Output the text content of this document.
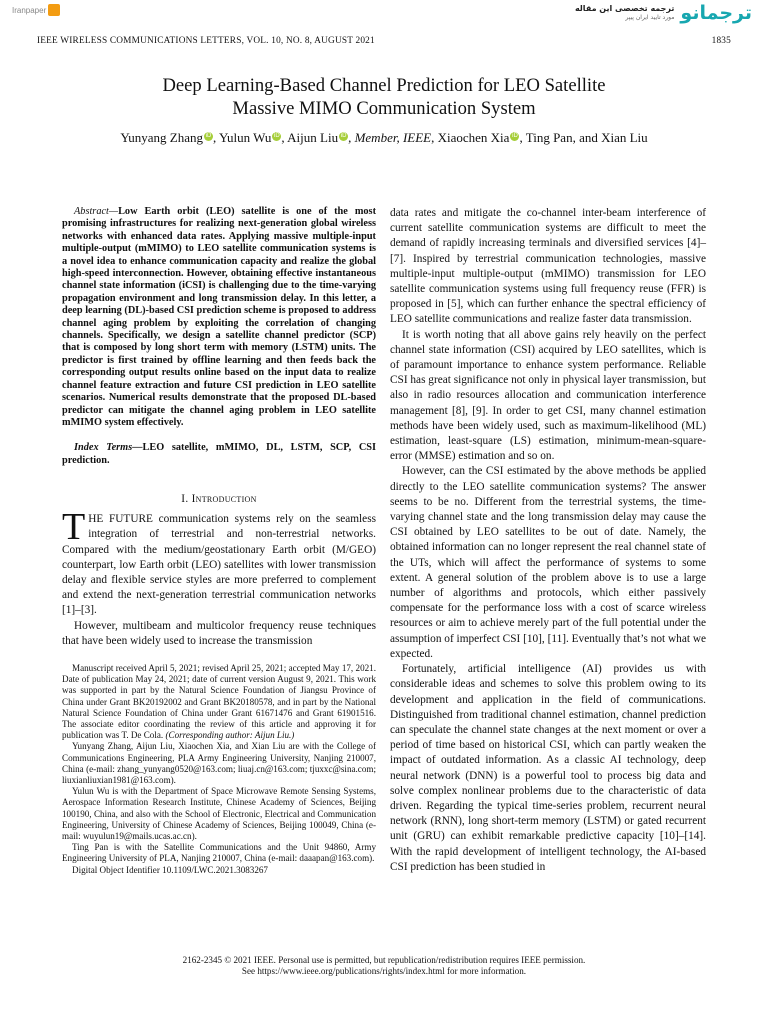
Iranpaper	ترجمه تخصصی این مقاله
مورد تایید ایران پیپر ترجمانو
IEEE WIRELESS COMMUNICATIONS LETTERS, VOL. 10, NO. 8, AUGUST 2021	1835
Deep Learning-Based Channel Prediction for LEO Satellite
Massive MIMO Communication System
Yunyang Zhang iD , Yulun Wu iD , Aijun Liu iD , Member, IEEE, Xiaochen Xia iD , Ting Pan, and Xian Liu

Abstract—Low Earth orbit (LEO) satellite is one of the most promising infrastructures for realizing next-generation global wireless networks with enhanced data rates. Applying massive multiple-input multiple-output (mMIMO) to LEO satellite communication systems is a novel idea to enhance communication capacity and realize the global high-speed interconnection. However, obtaining effective instantaneous channel state information (iCSI) is challenging due to the time-varying propagation environment and long transmission delay. In this letter, a deep learning (DL)-based CSI prediction scheme is proposed to address channel aging problem by exploiting the correlation of changing channels. Specifically, we design a satellite channel predictor (SCP) that is composed by long short term with memory (LSTM) units. The predictor is first trained by offline learning and then feeds back the corresponding output results online based on the input data to realize channel feature extraction and future CSI prediction in LEO satellite scenarios. Numerical results demonstrate that the proposed DL-based predictor can mitigate the channel aging problem in LEO satellite mMIMO system effectively.

Index Terms—LEO satellite, mMIMO, DL, LSTM, SCP, CSI prediction.

I. Introduction

THE FUTURE communication systems rely on the seamless integration of terrestrial and non-terrestrial networks. Compared with the medium/geostationary Earth orbit (M/GEO) counterpart, low Earth orbit (LEO) satellites with lower transmission delay and flexible service styles are more preferred to complement and extend the next-generation terrestrial communication networks [1]–[3].

However, multibeam and multicolor frequency reuse techniques that have been widely used to increase the transmission

Manuscript received April 5, 2021; revised April 25, 2021; accepted May 17, 2021. Date of publication May 24, 2021; date of current version August 9, 2021. This work was supported in part by the Natural Science Foundation of Jiangsu Province of China under Grant BK20192002 and Grant BK20180578, and in part by the National Natural Science Foundation of China under Grant 61671476 and Grant 61901516. The associate editor coordinating the review of this article and approving it for publication was T. De Cola. (Corresponding author: Aijun Liu.)

Yunyang Zhang, Aijun Liu, Xiaochen Xia, and Xian Liu are with the College of Communications Engineering, PLA Army Engineering University, Nanjing 210007, China (e-mail: zhang_yunyang0520@163.com; liuaj.cn@163.com; tjuxxc@sina.com; liuxianliuxian1981@163.com).

Yulun Wu is with the Department of Space Microwave Remote Sensing Systems, Aerospace Information Research Institute, Chinese Academy of Sciences, Beijing 100190, China, and also with the School of Electronic, Electrical and Communication Engineering, University of Chinese Academy of Sciences, Beijing 100049, China (e-mail: wuyulun19@mails.ucas.ac.cn).

Ting Pan is with the Satellite Communications and the Unit 94860, Army Engineering University of PLA, Nanjing 210007, China (e-mail: daaapan@163.com).

Digital Object Identifier 10.1109/LWC.2021.3083267

data rates and mitigate the co-channel inter-beam interference of current satellite communication systems are difficult to meet the demand of rapidly increasing terminals and diversified services [4]–[7]. Inspired by terrestrial communication technologies, massive multiple-input multiple-output (mMIMO) transmission for LEO satellite communication systems using full frequency reuse (FFR) is proposed in [5], which can further enhance the spectral efficiency of LEO satellite communications and realize faster data transmission.

It is worth noting that all above gains rely heavily on the perfect channel state information (CSI) acquired by LEO satellites, which is of paramount importance to enhance system performance. Reliable CSI has great significance not only in physical layer transmission, but also in radio resources allocation and communication interference management [8], [9]. In order to get CSI, many channel estimation methods have been widely used, such as maximum-likelihood (ML) estimation, least-square (LS) estimation, minimum-mean-square-error (MMSE) estimation and so on.

However, can the CSI estimated by the above methods be applied directly to the LEO satellite communication systems? The answer seems to be no. Different from the terrestrial systems, the time-varying channel state and the long transmission delay may cause the CSI obtained by LEO satellites to be out of date. Namely, the obtained information can no longer represent the real channel state of the UTs, which will affect the performance of systems to some extent. A general solution of the problem above is to use a large number of algorithms and protocols, which either passively compensate for the performance loss with a cost of scarce wireless resources or aim to achieve merely part of the full potential under the assumption of imperfect CSI [10], [11]. Eventually that’s not what we expected.

Fortunately, artificial intelligence (AI) provides us with considerable ideas and schemes to solve this problem owing to its development and application in the field of communications. Distinguished from traditional channel estimation, channel prediction can speculate the channel state changes at the next moment or over a period of time based on historical CSI, which can partly weaken the impact of outdated information. As a classic AI technology, deep neural network (DNN) is a powerful tool to process big data and solve complex nonlinear problems due to the characteristic of data driven. Regarding the typical time-series problem, recurrent neural network (RNN), long short-term memory (LSTM) or gated recurrent unit (GRU) can exhibit remarkable predictive capacity [10]–[14]. With the rapid development of intelligent technology, the AI-based CSI prediction has been studied in

2162-2345 © 2021 IEEE. Personal use is permitted, but republication/redistribution requires IEEE permission.
See https://www.ieee.org/publications/rights/index.html for more information.
